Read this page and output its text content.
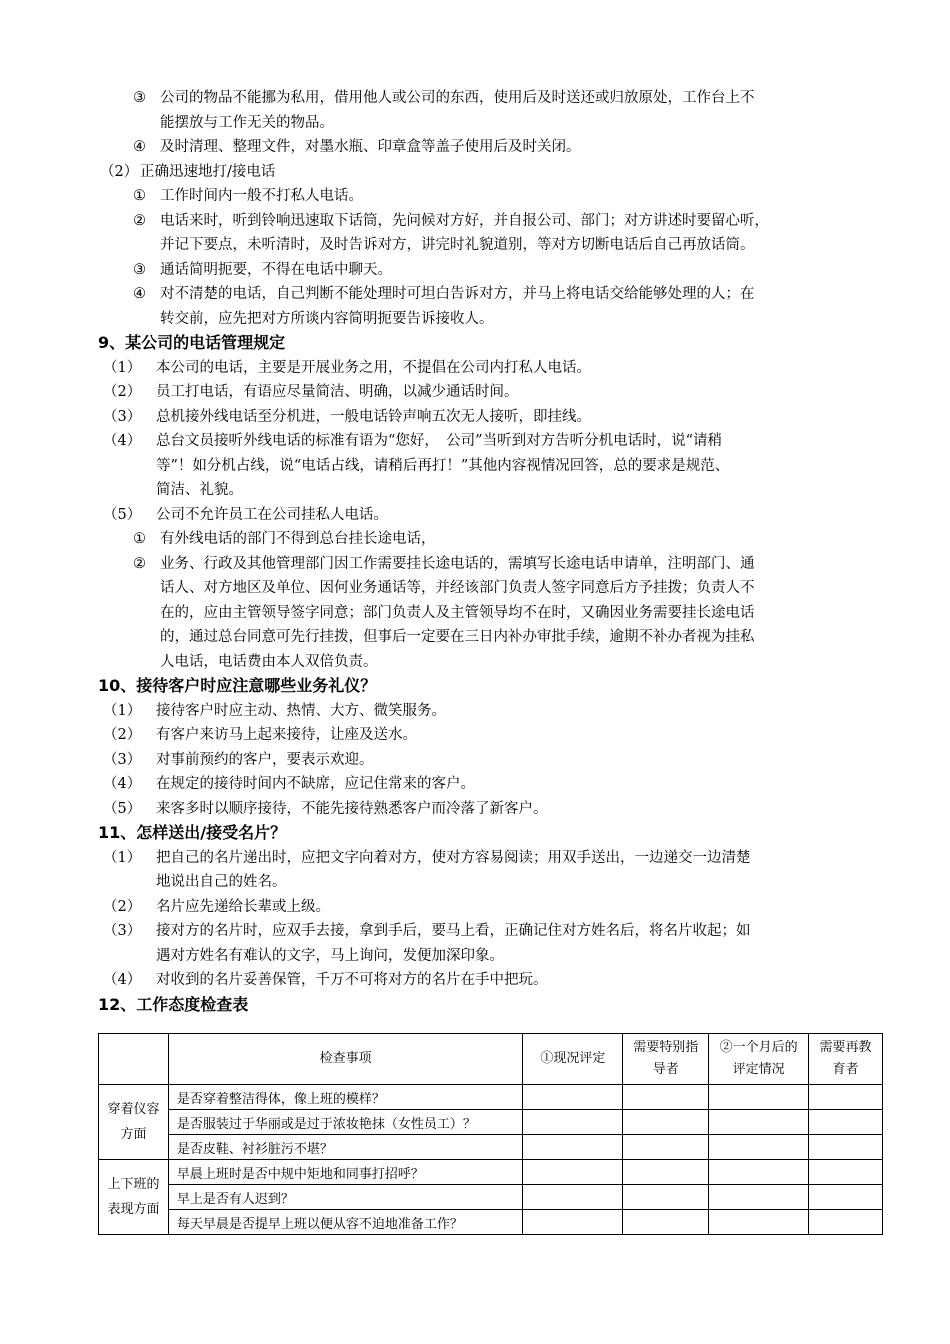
③ 公司的物品不能挪为私用，借用他人或公司的东西，使用后及时送还或归放原处，工作台上不
能摆放与工作无关的物品。
④ 及时清理、整理文件，对墨水瓶、印章盒等盖子使用后及时关闭。
（2） 正确迅速地打/接电话
① 工作时间内一般不打私人电话。
② 电话来时，听到铃响迅速取下话筒，先问候对方好，并自报公司、部门；对方讲述时要留心听，
并记下要点，未听清时，及时告诉对方，讲完时礼貌道别，等对方切断电话后自己再放话筒。
③ 通话简明扼要，不得在电话中聊天。
④ 对不清楚的电话，自己判断不能处理时可坦白告诉对方，并马上将电话交给能够处理的人；在
转交前，应先把对方所谈内容简明扼要告诉接收人。
9、某公司的电话管理规定
（1） 本公司的电话，主要是开展业务之用，不提倡在公司内打私人电话。
（2） 员工打电话，有语应尽量简洁、明确，以减少通话时间。
（3） 总机接外线电话至分机进，一般电话铃声响五次无人接听，即挂线。
（4） 总台文员接听外线电话的标准有语为“您好，　公司”当听到对方告听分机电话时，说“请稍
等”！如分机占线，说“电话占线，请稍后再打！”其他内容视情况回答，总的要求是规范、
简洁、礼貌。
（5） 公司不允许员工在公司挂私人电话。
① 有外线电话的部门不得到总台挂长途电话，
② 业务、行政及其他管理部门因工作需要挂长途电话的，需填写长途电话申请单，注明部门、通
话人、对方地区及单位、因何业务通话等，并经该部门负责人签字同意后方予挂拨；负责人不
在的，应由主管领导签字同意；部门负责人及主管领导均不在时，又确因业务需要挂长途电话
的，通过总台同意可先行挂拨，但事后一定要在三日内补办审批手续，逾期不补办者视为挂私
人电话，电话费由本人双倍负责。
10、接待客户时应注意哪些业务礼仪？
（1） 接待客户时应主动、热情、大方、微笑服务。
（2） 有客户来访马上起来接待，让座及送水。
（3） 对事前预约的客户，要表示欢迎。
（4） 在规定的接待时间内不缺席，应记住常来的客户。
（5） 来客多时以顺序接待，不能先接待熟悉客户而冷落了新客户。
11、怎样送出/接受名片？
（1） 把自己的名片递出时，应把文字向着对方，使对方容易阅读；用双手送出，一边递交一边清楚
地说出自己的姓名。
（2） 名片应先递给长辈或上级。
（3） 接对方的名片时，应双手去接，拿到手后，要马上看，正确记住对方姓名后，将名片收起；如
遇对方姓名有难认的文字，马上询问，发便加深印象。
（4） 对收到的名片妥善保管，千万不可将对方的名片在手中把玩。
12、工作态度检查表
	检查事项	①现况评定	需要特别指导者	②一个月后的评定情况	需要再教育者
穿着仪容方面	是否穿着整洁得体，像上班的模样？				
	是否服装过于华丽或是过于浓妆艳抹（女性员工）？				
	是否皮鞋、衬衫脏污不堪？				
上下班的表现方面	早晨上班时是否中规中矩地和同事打招呼？				
	早上是否有人迟到？				
	每天早晨是否提早上班以便从容不迫地准备工作？				
